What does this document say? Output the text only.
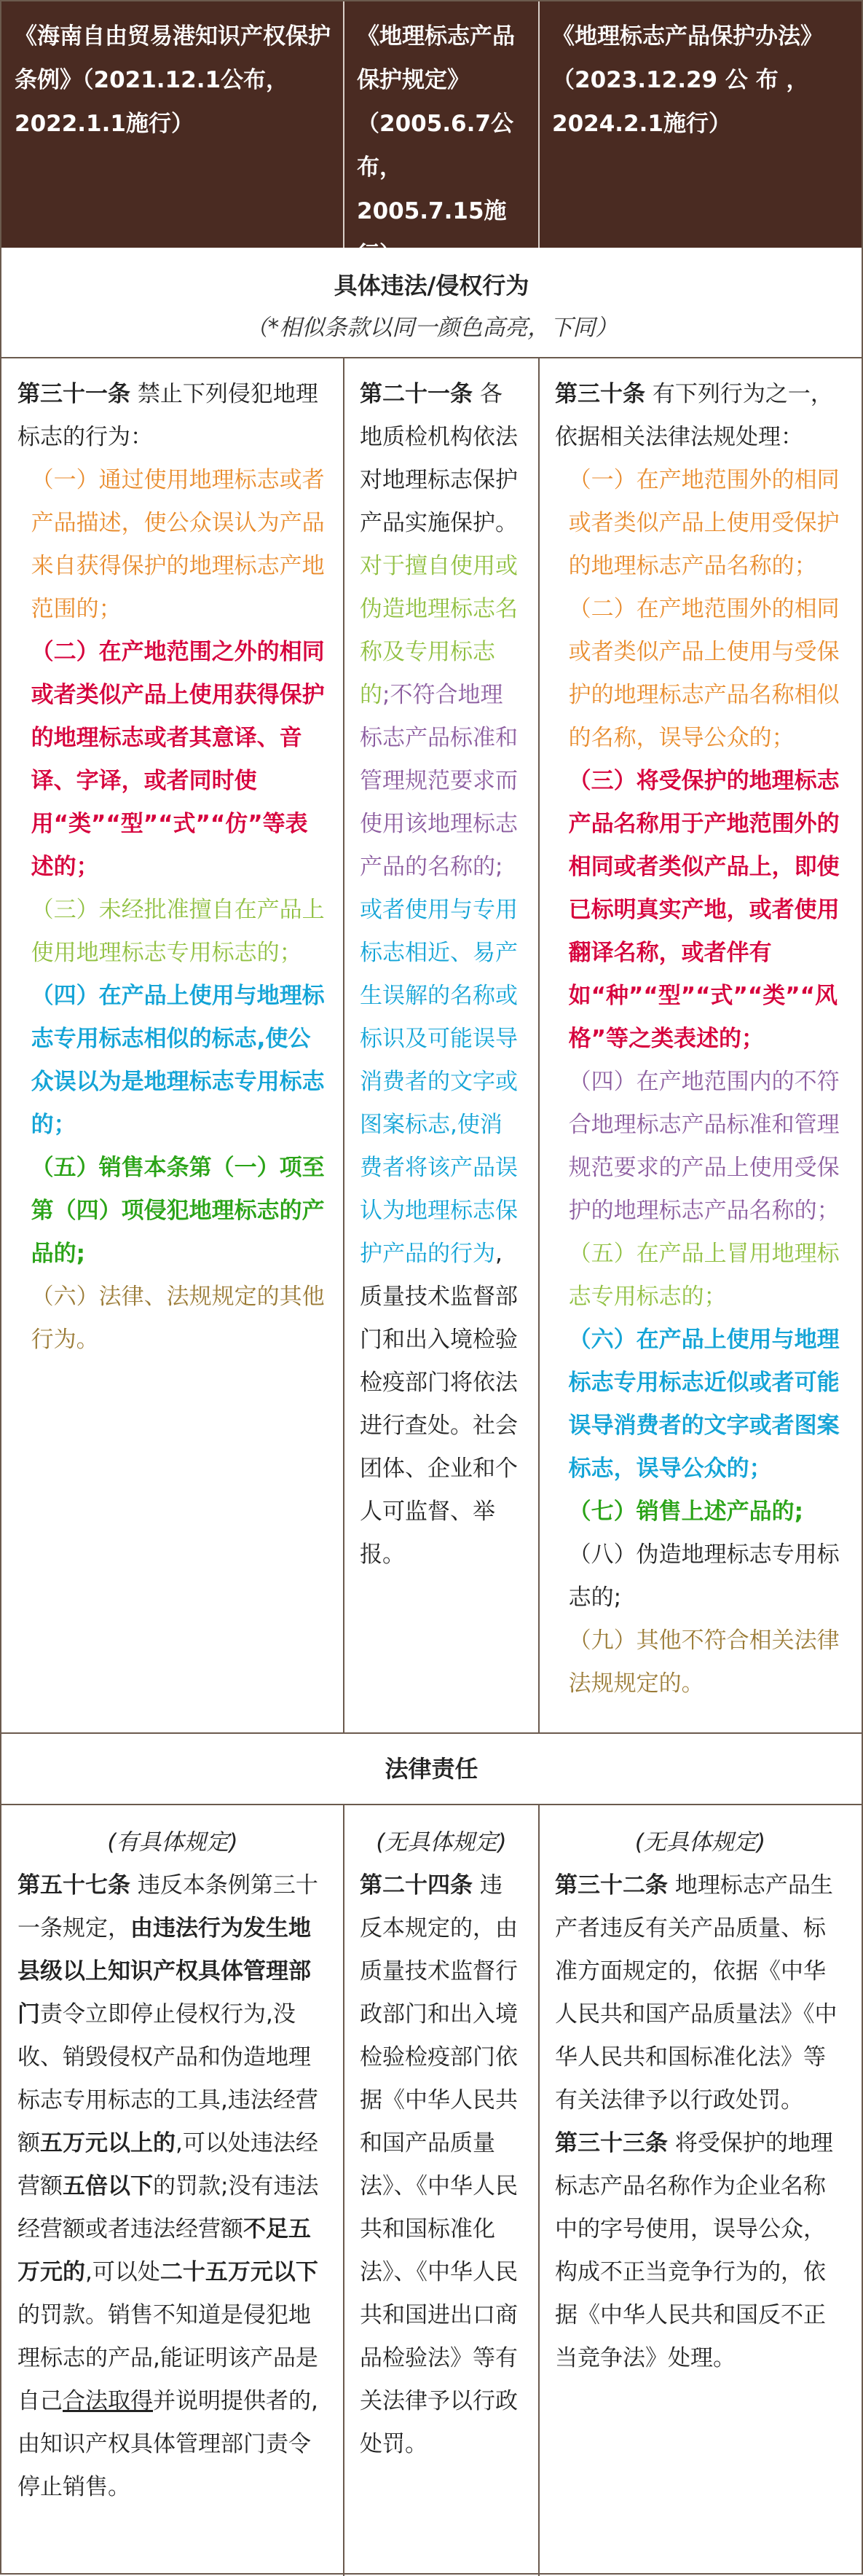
《海南自由贸易港知识产权保护条例》（2021.12.1公布，2022.1.1施行）
《地理标志产品保护规定》（2005.6.7公布，2005.7.15施行）
《地理标志产品保护办法》（2023.12.29 公 布 ，2024.2.1施行）
具体违法/侵权行为
（*相似条款以同一颜色高亮，下同）

第三十一条 禁止下列侵犯地理标志的行为：

（一）通过使用地理标志或者产品描述，使公众误认为产品来自获得保护的地理标志产地范围的；

（二）在产地范围之外的相同或者类似产品上使用获得保护的地理标志或者其意译、音译、字译，或者同时使用“类”“型”“式”“仿”等表述的；

（三）未经批准擅自在产品上使用地理标志专用标志的；

（四）在产品上使用与地理标志专用标志相似的标志,使公众误以为是地理标志专用标志的；

（五）销售本条第（一）项至第（四）项侵犯地理标志的产品的;

（六）法律、法规规定的其他行为。

第二十一条 各地质检机构依法对地理标志保护产品实施保护。对于擅自使用或伪造地理标志名称及专用标志的;不符合地理标志产品标准和管理规范要求而使用该地理标志产品的名称的;或者使用与专用标志相近、易产生误解的名称或标识及可能误导消费者的文字或图案标志,使消费者将该产品误认为地理标志保护产品的行为,质量技术监督部门和出入境检验检疫部门将依法进行查处。社会团体、企业和个人可监督、举报。

第三十条 有下列行为之一，依据相关法律法规处理：

（一）在产地范围外的相同或者类似产品上使用受保护的地理标志产品名称的；

（二）在产地范围外的相同或者类似产品上使用与受保护的地理标志产品名称相似的名称，误导公众的；

（三）将受保护的地理标志产品名称用于产地范围外的相同或者类似产品上，即使已标明真实产地，或者使用翻译名称，或者伴有如“种”“型”“式”“类”“风格”等之类表述的；

（四）在产地范围内的不符合地理标志产品标准和管理规范要求的产品上使用受保护的地理标志产品名称的；

（五）在产品上冒用地理标志专用标志的；

（六）在产品上使用与地理标志专用标志近似或者可能误导消费者的文字或者图案标志，误导公众的；

（七）销售上述产品的;

（八）伪造地理标志专用标志的;

（九）其他不符合相关法律法规规定的。

法律责任
(有具体规定)

第五十七条 违反本条例第三十一条规定，由违法行为发生地县级以上知识产权具体管理部门责令立即停止侵权行为,没收、销毁侵权产品和伪造地理标志专用标志的工具,违法经营额五万元以上的,可以处违法经营额五倍以下的罚款;没有违法经营额或者违法经营额不足五万元的,可以处二十五万元以下的罚款。销售不知道是侵犯地理标志的产品,能证明该产品是自己合法取得并说明提供者的,由知识产权具体管理部门责令停止销售。

(无具体规定)

第二十四条 违反本规定的，由质量技术监督行政部门和出入境检验检疫部门依据《中华人民共和国产品质量法》、《中华人民共和国标准化法》、《中华人民共和国进出口商品检验法》等有关法律予以行政处罚。

(无具体规定)

第三十二条 地理标志产品生产者违反有关产品质量、标准方面规定的，依据《中华人民共和国产品质量法》《中华人民共和国标准化法》等有关法律予以行政处罚。

第三十三条 将受保护的地理标志产品名称作为企业名称中的字号使用，误导公众，构成不正当竞争行为的，依据《中华人民共和国反不正当竞争法》处理。
